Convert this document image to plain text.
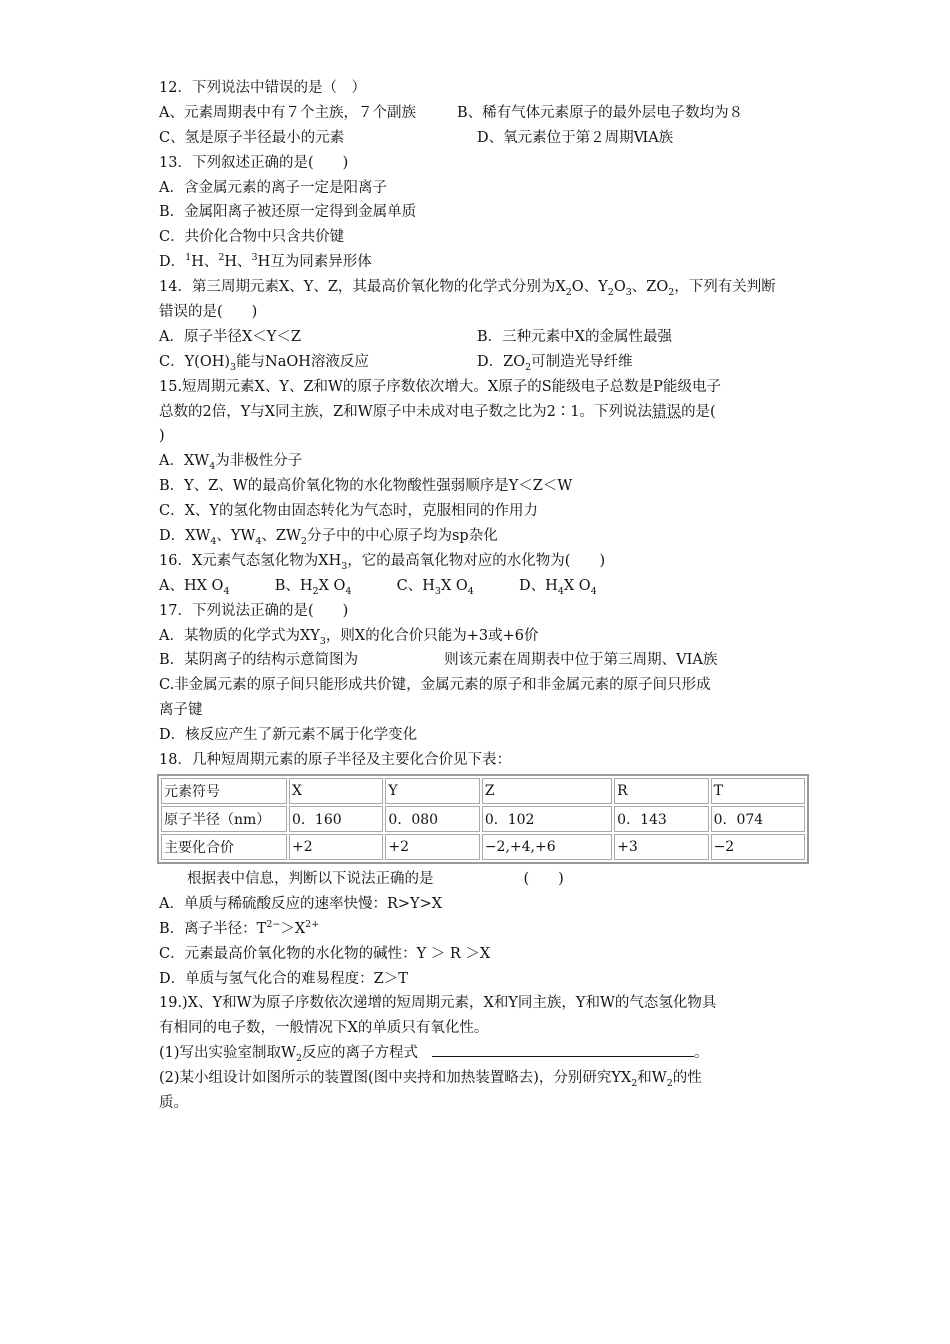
12．下列说法中错误的是（　）
A、元素周期表中有７个主族，７个副族	B、稀有气体元素原子的最外层电子数均为８
C、氢是原子半径最小的元素	D、氧元素位于第２周期ⅥA族
13．下列叙述正确的是(　　)
A．含金属元素的离子一定是阳离子
B．金属阳离子被还原一定得到金属单质
C．共价化合物中只含共价键
D．$^1$H、$^2$H、$^3$H互为同素异形体
14．第三周期元素X、Y、Z，其最高价氧化物的化学式分别为$X_2O$、$Y_2O_3$、$ZO_2$，下列有关判断
错误的是(　　)
A．原子半径X＜Y＜Z	B．三种元素中X的金属性最强
C．$Y(OH)_3$能与NaOH溶液反应	D．$ZO_2$可制造光导纤维
15.短周期元素X、Y、Z和W的原子序数依次增大。X原子的S能级电子总数是P能级电子
总数的2倍，Y与X同主族，Z和W原子中未成对电子数之比为2∶1。下列说法错误的是(
)
A．$XW_4$为非极性分子
B．Y、Z、W的最高价氧化物的水化物酸性强弱顺序是Y＜Z＜W
C．X、Y的氢化物由固态转化为气态时，克服相同的作用力
D．$XW_4$、$YW_4$、$ZW_2$分子中的中心原子均为sp杂化
16．X元素气态氢化物为$XH_3$，它的最高氧化物对应的水化物为(　　)
A、HX $O_4$	B、$H_2X$ $O_4$	C、$H_3X$ $O_4$	D、$H_4X$ $O_4$
17．下列说法正确的是(　　)
A．某物质的化学式为$XY_3$，则X的化合价只能为+3或+6价
B．某阴离子的结构示意简图为	则该元素在周期表中位于第三周期、VIA族
C.非金属元素的原子间只能形成共价键，金属元素的原子和非金属元素的原子间只形成
离子键
D．核反应产生了新元素不属于化学变化
18．几种短周期元素的原子半径及主要化合价见下表：
元素符号	X	Y	Z	R	T
原子半径（nm）	0．160	0．080	0．102	0．143	0．074
主要化合价	+2	+2	−2,+4,+6	+3	−2
根据表中信息，判断以下说法正确的是	(　　)
A．单质与稀硫酸反应的速率快慢：R>Y>X
B．离子半径：$T^{2-}>X^{2+}$
C．元素最高价氧化物的水化物的碱性：Y ＞ R ＞X
D．单质与氢气化合的难易程度：Z＞T
19.)X、Y和W为原子序数依次递增的短周期元素，X和Y同主族，Y和W的气态氢化物具
有相同的电子数，一般情况下X的单质只有氧化性。
(1)写出实验室制取$W_2$反应的离子方程式	。
(2)某小组设计如图所示的装置图(图中夹持和加热装置略去)，分别研究$YX_2$和$W_2$的性
质。
